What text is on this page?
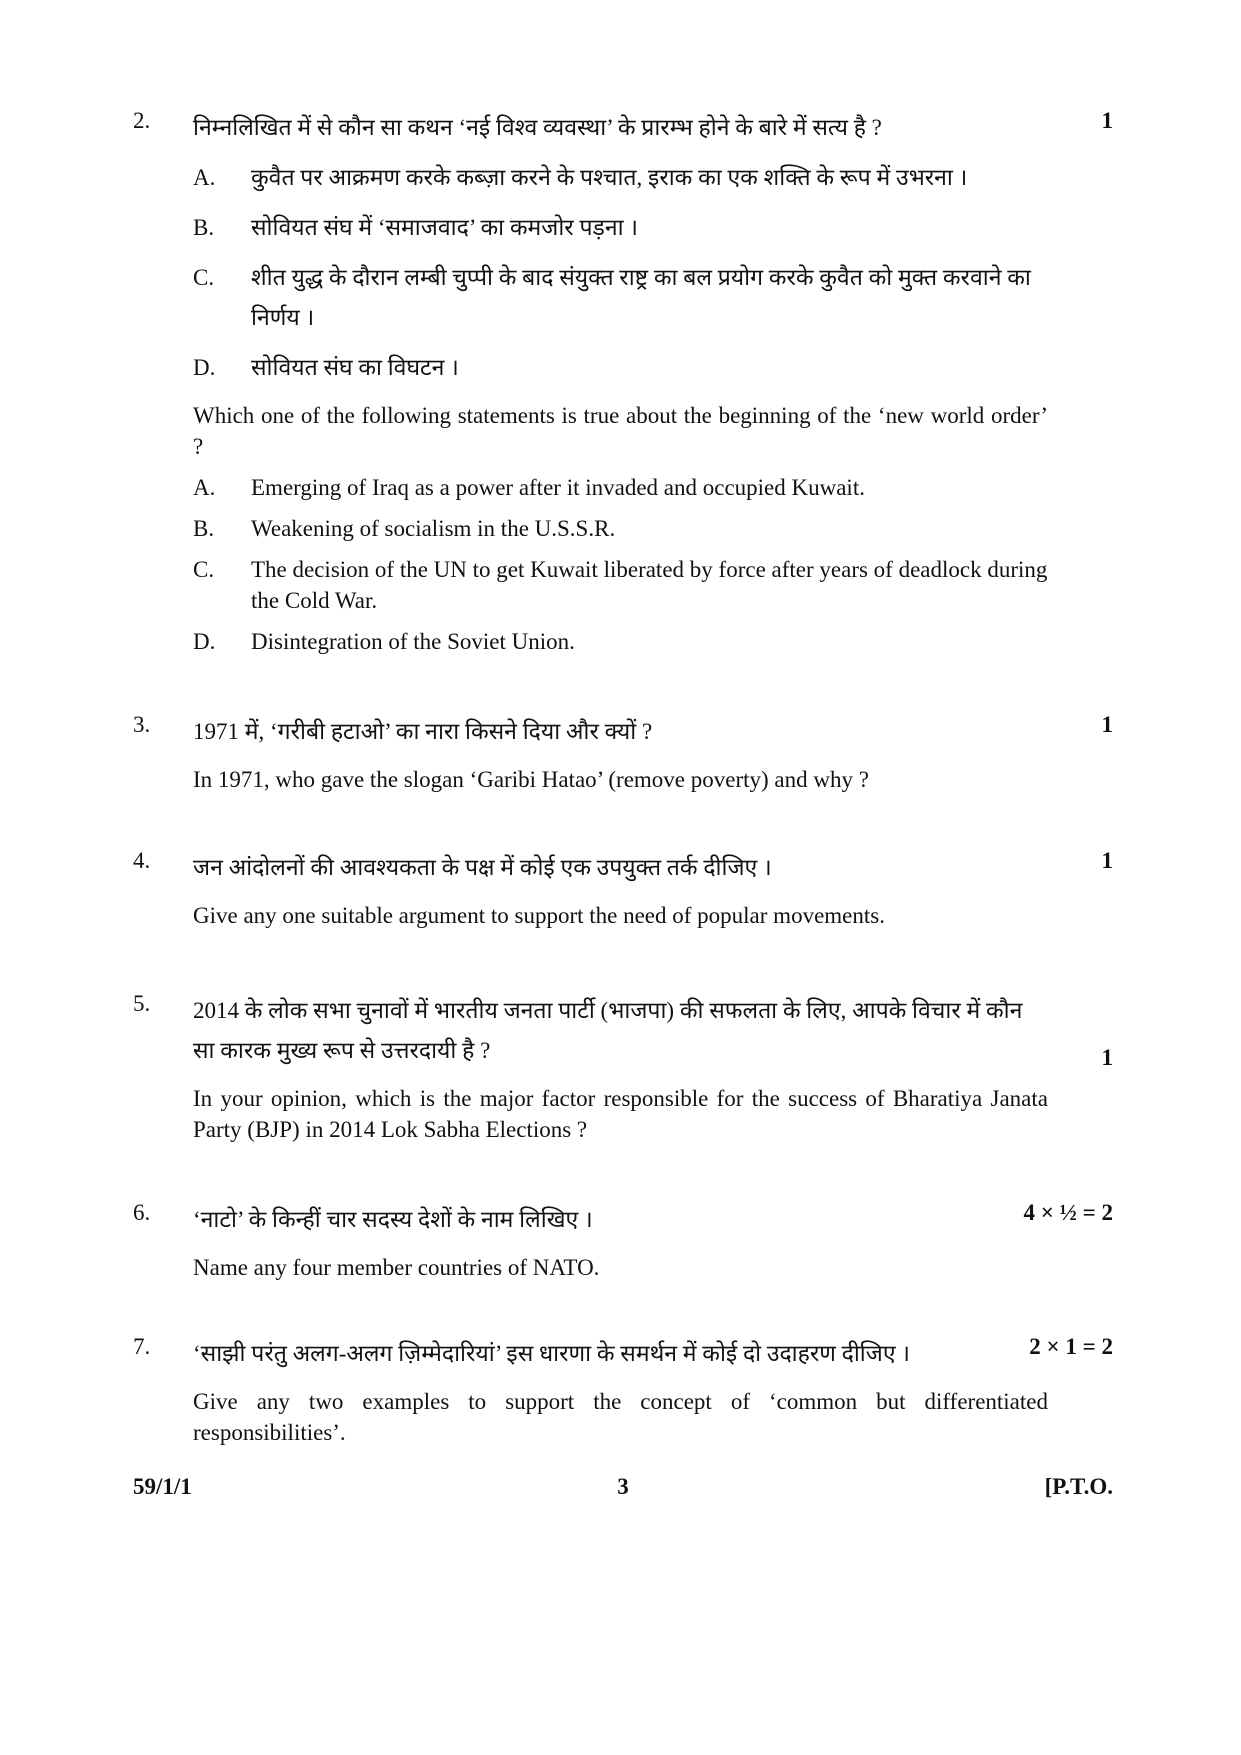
2.	निम्नलिखित में से कौन सा कथन ‘नई विश्व व्यवस्था’ के प्रारम्भ होने के बारे में सत्य है ?	1
A. कुवैत पर आक्रमण करके कब्ज़ा करने के पश्चात, इराक का एक शक्ति के रूप में उभरना ।
B. सोवियत संघ में ‘समाजवाद’ का कमजोर पड़ना ।
C. शीत युद्ध के दौरान लम्बी चुप्पी के बाद संयुक्त राष्ट्र का बल प्रयोग करके कुवैत को मुक्त करवाने का निर्णय ।
D. सोवियत संघ का विघटन ।
Which one of the following statements is true about the beginning of the ‘new world order’ ?
A. Emerging of Iraq as a power after it invaded and occupied Kuwait.
B. Weakening of socialism in the U.S.S.R.
C. The decision of the UN to get Kuwait liberated by force after years of deadlock during the Cold War.
D. Disintegration of the Soviet Union.
3.	1971 में, ‘गरीबी हटाओ’ का नारा किसने दिया और क्यों ?	1
In 1971, who gave the slogan ‘Garibi Hatao’ (remove poverty) and why ?
4.	जन आंदोलनों की आवश्यकता के पक्ष में कोई एक उपयुक्त तर्क दीजिए ।	1
Give any one suitable argument to support the need of popular movements.
5.	2014 के लोक सभा चुनावों में भारतीय जनता पार्टी (भाजपा) की सफलता के लिए, आपके विचार में कौन सा कारक मुख्य रूप से उत्तरदायी है ?	1
In your opinion, which is the major factor responsible for the success of Bharatiya Janata Party (BJP) in 2014 Lok Sabha Elections ?
6.	‘नाटो’ के किन्हीं चार सदस्य देशों के नाम लिखिए ।	4 × ½ = 2
Name any four member countries of NATO.
7.	‘साझी परंतु अलग-अलग ज़िम्मेदारियां’ इस धारणा के समर्थन में कोई दो उदाहरण दीजिए ।	2 × 1 = 2
Give any two examples to support the concept of ‘common but differentiated responsibilities’.
59/1/1	3	[P.T.O.
